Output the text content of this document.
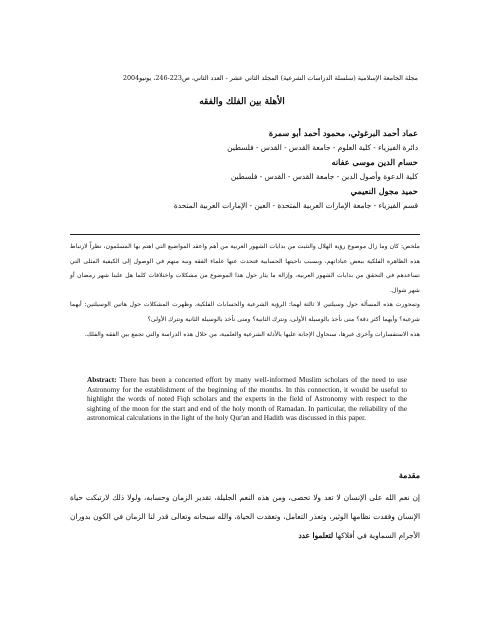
مجلة الجامعة الإسلامية (سلسلة الدراسات الشرعية) المجلد الثاني عشر - العدد الثاني، ص223-246، يونيو2004
الأهلة بين الفلك والفقه
عماد أحمد البرغوثي، محمود أحمد أبو سمرة
دائرة الفيزياء - كلية العلوم - جامعة القدس - القدس - فلسطين
حسام الدين موسى عفانه
كلية الدعوة وأصول الدين - جامعة القدس - القدس - فلسطين
حميد مجول النعيمي
قسم الفيزياء - جامعة الإمارات العربية المتحدة - العين - الإمارات العربية المتحدة

ملخص: كان وما زال موضوع رؤية الهلال والتثبت من بدايات الشهور العربية من أهم واعقد المواضيع التي اهتم بها المسلمون، نظراً لارتباط هذه الظاهرة الفلكية ببعض عباداتهم، وبسبب ناحيتها الحسابية فتحدث عنها علماء الفقه ونبه منهم في الوصول إلى الكيفية المثلى التي تساعدهم في التحقق من بدايات الشهور العربية، وإزالة ما يثار حول هذا الموضوع من مشكلات واختلافات كلما هل علينا شهر رمضان أو شهر شوال.

وتمحورت هذه المسألة حول وسيلتين لا ثالثة لهما: الرؤية الشرعية والحسابات الفلكية، وظهرت المشكلات حول هاتين الوسيلتين: أيهما شرعية؟ وأيهما أكثر دقة؟ متى نأخذ بالوسيلة الأولى، ونترك الثانية؟ ومتى نأخذ بالوسيلة الثانية ونترك الأولى؟

هذه الاستفسارات وأخرى غيرها، سنحاول الإجابة عليها بالأدلة الشرعية والعلمية، من خلال هذه الدراسة والتي تجمع بين الفقه والفلك.

Abstract: There has been a concerted effort by many well-informed Muslim scholars of the need to use Astronomy for the establishment of the beginning of the months. In this connection, it would be useful to highlight the words of noted Fiqh scholars and the experts in the field of Astronomy with respect to the sighting of the moon for the start and end of the holy month of Ramadan. In particular, the reliability of the astronomical calculations in the light of the holy Qur'an and Hadith was discussed in this paper.
مقدمة

إن نعم الله على الإنسان لا تعد ولا تحصى، ومن هذه النعم الجليلة، تقدير الزمان وحسابه، ولولا ذلك لارتبكت حياة الإنسان وفقدت نظامها الوثير، وتعذر التعامل، وتعقدت الحياة، والله سبحانه وتعالى قدر لنا الزمان في الكون بدوران الأجرام السماوية في أفلاكها لتعلموا عدد
